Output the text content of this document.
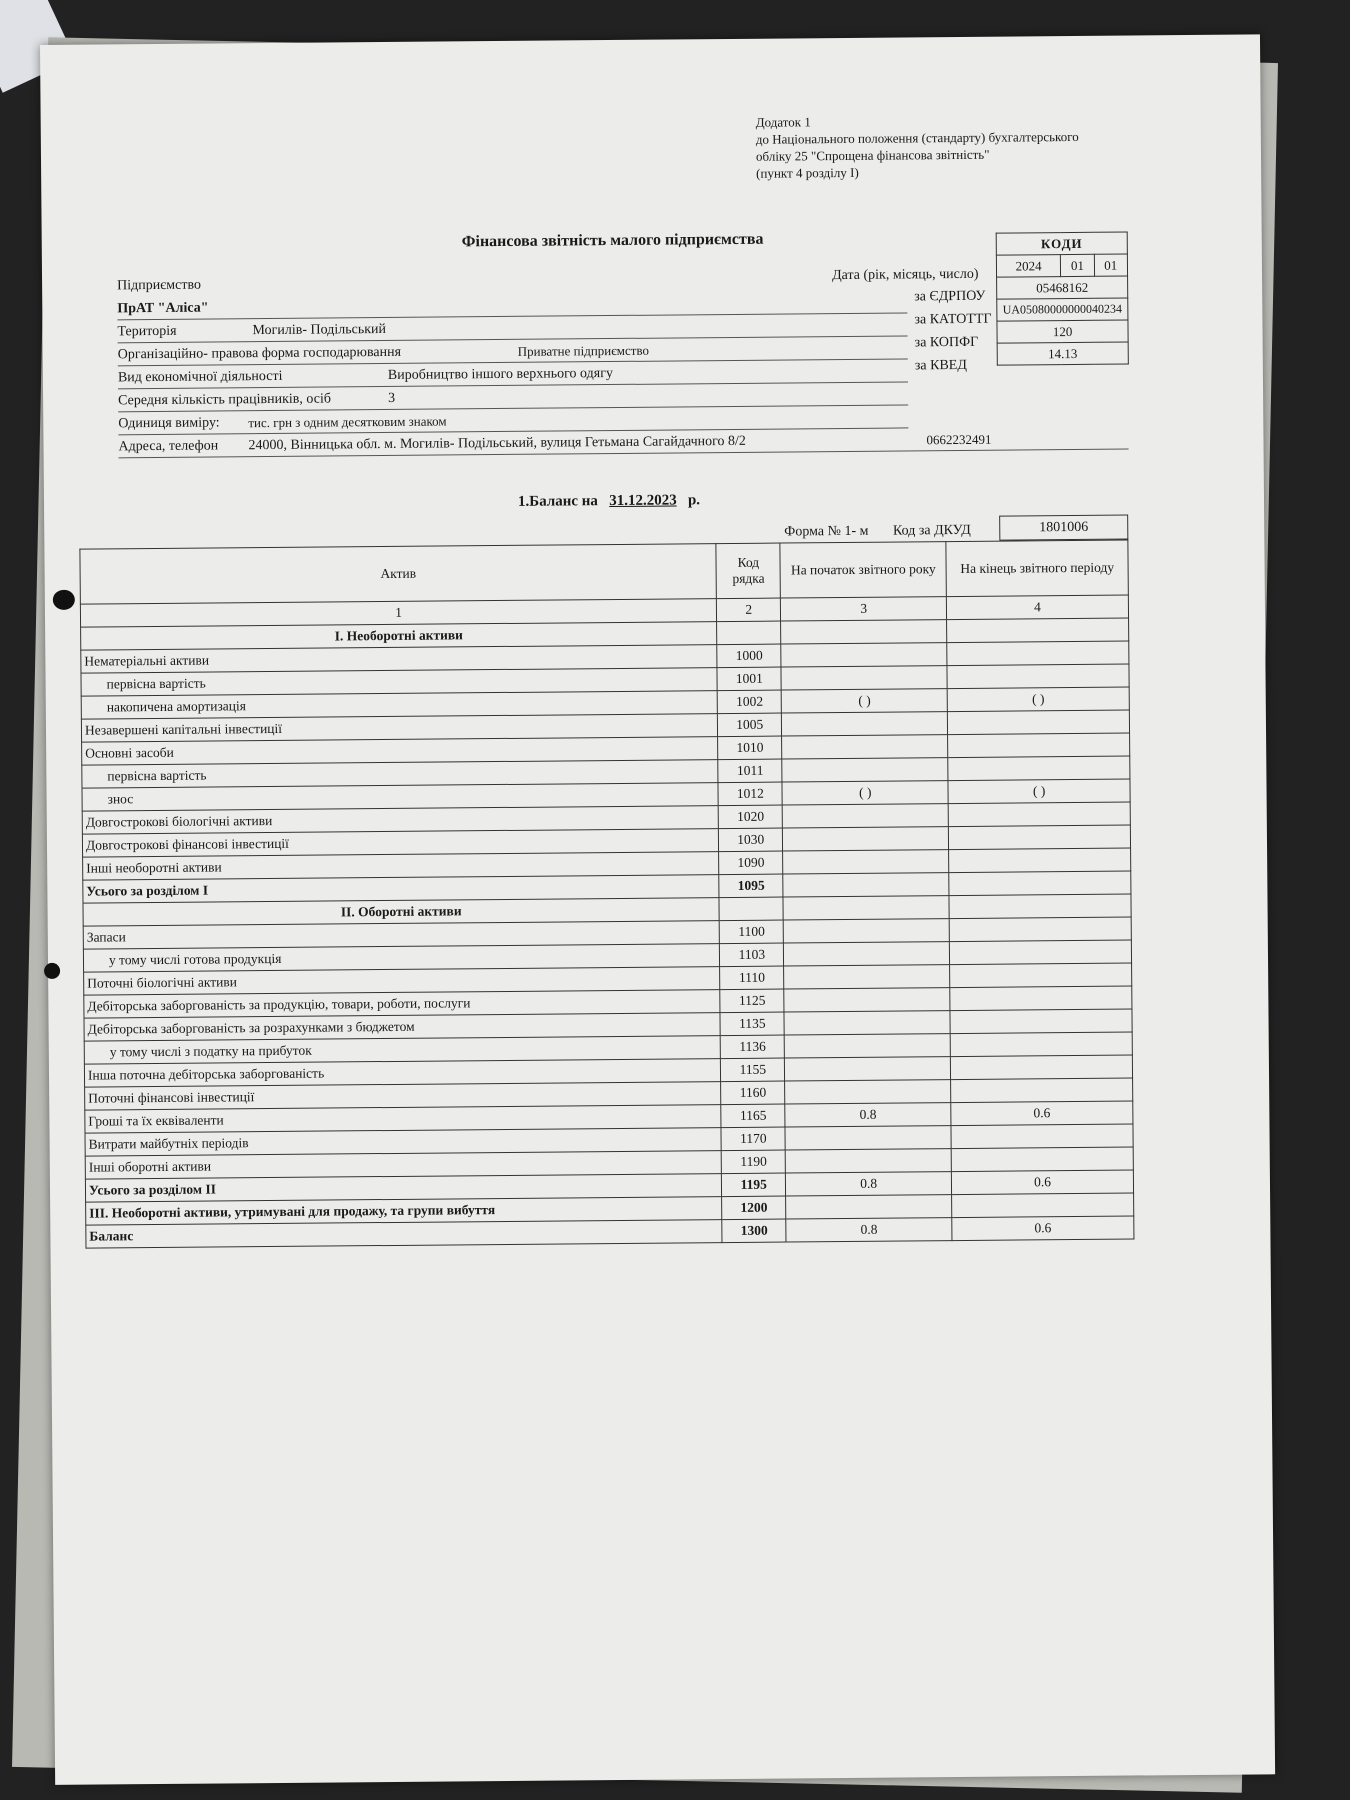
Додаток 1
до Національного положення (стандарту) бухгалтерського
обліку 25 "Спрощена фінансова звітність"
(пункт 4 розділу І)
Фінансова звітність малого підприємства	КОДИ
2024	01	01
05468162
UA05080000000040234
120
14.13
Дата (рік, місяць, число)
за ЄДРПОУ
за КАТОТТГ
за КОПФГ
за КВЕД
Підприємство
ПрАТ "Аліса"
Територія	Могилів- Подільський
Організаційно- правова форма господарювання	Приватне підприємство
Вид економічної діяльності	Виробництво іншого верхнього одягу
Середня кількість працівників, осіб	3
Одиниця виміру: тис. грн з одним десятковим знаком
Адреса, телефон 24000, Вінницька обл. м. Могилів- Подільський, вулиця Гетьмана Сагайдачного 8/2	0662232491
1.Баланс на 31.12.2023 р.
Форма № 1- м Код за ДКУД	1801006
Актив	Код рядка	На початок звітного року	На кінець звітного періоду
1	2	3	4
І. Необоротні активи			
Нематеріальні активи	1000		
первісна вартість	1001		
накопичена амортизація	1002	( )	( )
Незавершені капітальні інвестиції	1005		
Основні засоби	1010		
первісна вартість	1011		
знос	1012	( )	( )
Довгострокові біологічні активи	1020		
Довгострокові фінансові інвестиції	1030		
Інші необоротні активи	1090		
Усього за розділом І	1095		
ІІ. Оборотні активи			
Запаси	1100		
у тому числі готова продукція	1103		
Поточні біологічні активи	1110		
Дебіторська заборгованість за продукцію, товари, роботи, послуги	1125		
Дебіторська заборгованість за розрахунками з бюджетом	1135		
у тому числі з податку на прибуток	1136		
Інша поточна дебіторська заборгованість	1155		
Поточні фінансові інвестиції	1160		
Гроші та їх еквіваленти	1165	0.8	0.6
Витрати майбутніх періодів	1170		
Інші оборотні активи	1190		
Усього за розділом ІІ	1195	0.8	0.6
ІІІ. Необоротні активи, утримувані для продажу, та групи вибуття	1200		
Баланс	1300	0.8	0.6
